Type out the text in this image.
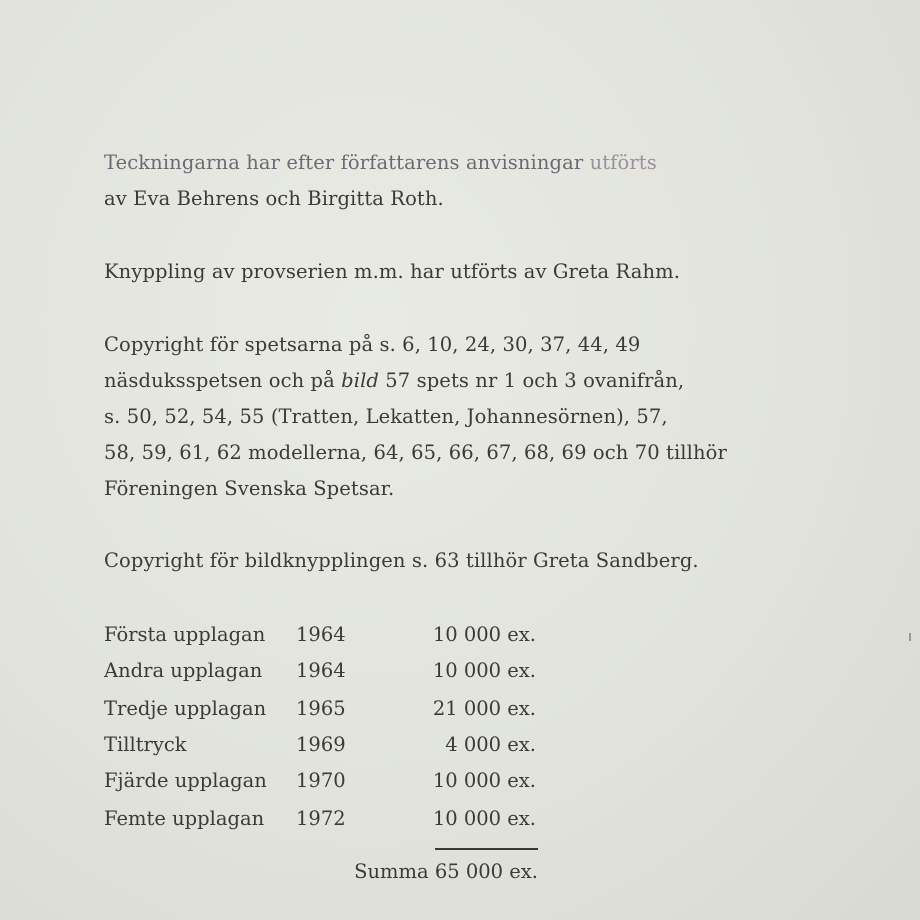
Teckningarna har efter författarens anvisningar utförts
av Eva Behrens och Birgitta Roth.
Knyppling av provserien m.m. har utförts av Greta Rahm.
Copyright för spetsarna på s. 6, 10, 24, 30, 37, 44, 49
näsduksspetsen och på bild 57 spets nr 1 och 3 ovanifrån,
s. 50, 52, 54, 55 (Tratten, Lekatten, Johannesörnen), 57,
58, 59, 61, 62 modellerna, 64, 65, 66, 67, 68, 69 och 70 tillhör
Föreningen Svenska Spetsar.
Copyright för bildknypplingen s. 63 tillhör Greta Sandberg.
Första upplagan 1964	10 000 ex.
Andra upplagan 1964	10 000 ex.
Tredje upplagan 1965	21 000 ex.
Tilltryck	1969	4 000 ex.
Fjärde upplagan 1970	10 000 ex.
Femte upplagan 1972	10 000 ex.
Summa 65 000 ex.
